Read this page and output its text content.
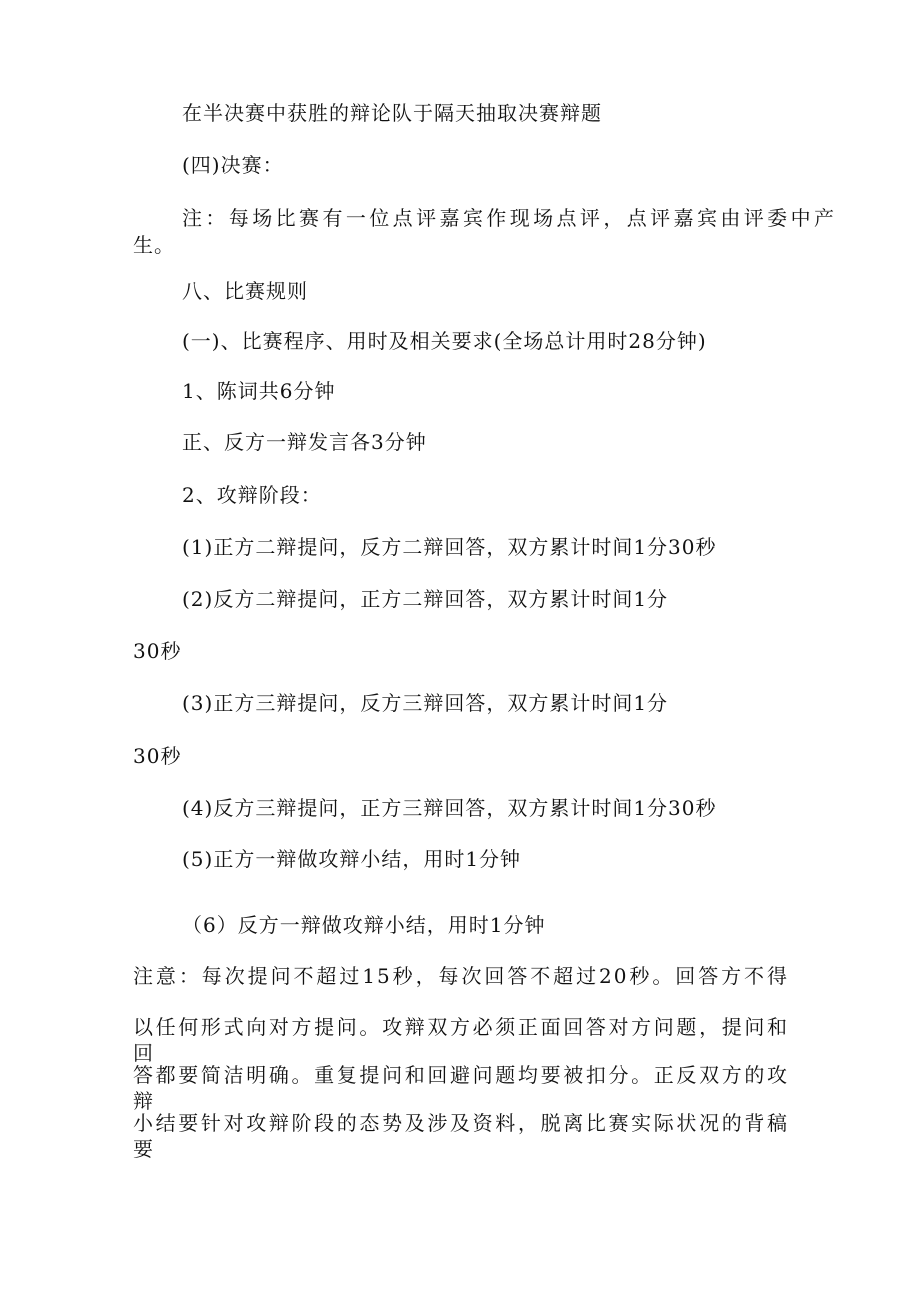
在半决赛中获胜的辩论队于隔天抽取决赛辩题
(四)决赛：
注：每场比赛有一位点评嘉宾作现场点评，点评嘉宾由评委中产
生。
八、比赛规则
(一)、比赛程序、用时及相关要求(全场总计用时28分钟)
1、陈词共6分钟
正、反方一辩发言各3分钟
2、攻辩阶段：
(1)正方二辩提问，反方二辩回答，双方累计时间1分30秒
(2)反方二辩提问，正方二辩回答，双方累计时间1分
30秒
(3)正方三辩提问，反方三辩回答，双方累计时间1分
30秒
(4)反方三辩提问，正方三辩回答，双方累计时间1分30秒
(5)正方一辩做攻辩小结，用时1分钟
（6）反方一辩做攻辩小结，用时1分钟
注意：每次提问不超过15秒，每次回答不超过20秒。回答方不得
以任何形式向对方提问。攻辩双方必须正面回答对方问题，提问和回
答都要简洁明确。重复提问和回避问题均要被扣分。正反双方的攻辩
小结要针对攻辩阶段的态势及涉及资料，脱离比赛实际状况的背稿要
